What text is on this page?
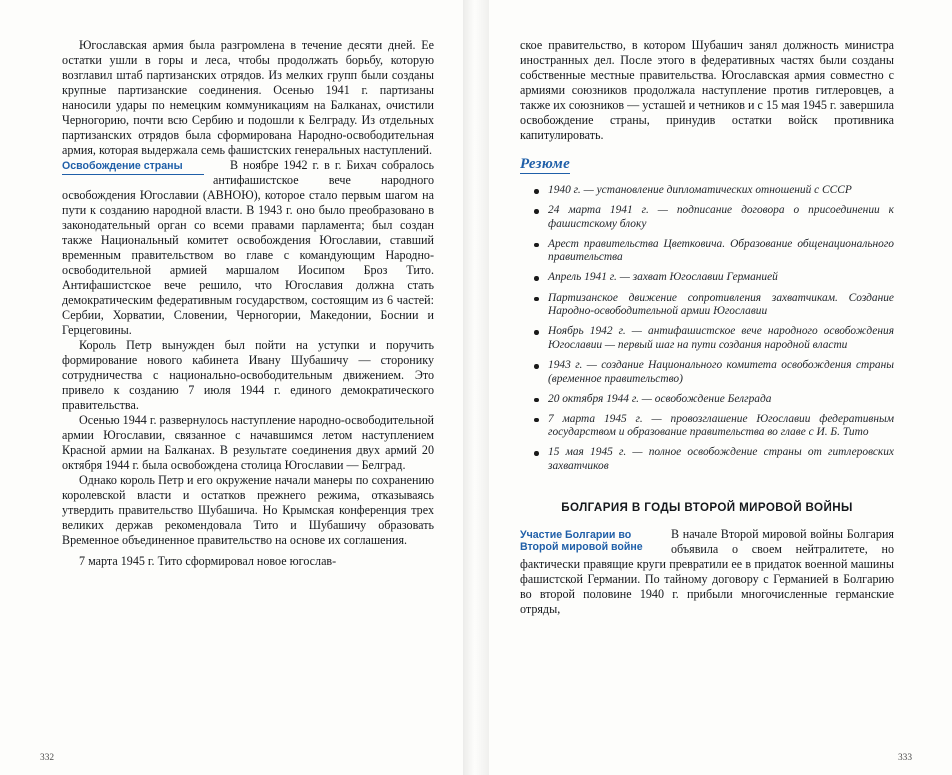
Югославская армия была разгромлена в течение десяти дней. Ее остатки ушли в горы и леса, чтобы продолжать борьбу, которую возглавил штаб партизанских отрядов. Из мелких групп были созданы крупные партизанские соединения. Осенью 1941 г. партизаны наносили удары по немецким коммуникациям на Балканах, очистили Черногорию, почти всю Сербию и подошли к Белграду. Из отдельных партизанских отрядов была сформирована Народно-освободительная армия, которая выдержала семь фашистских генеральных наступлений.

Освобождение страны	В ноябре 1942 г. в г. Бихач собралось антифашистское вече народного освобождения Югославии (АВНОЮ), которое стало первым шагом на пути к созданию народной власти. В 1943 г. оно было преобразовано в законодательный орган со всеми правами парламента; был создан также Национальный комитет освобождения Югославии, ставший временным правительством во главе с командующим Народно-освободительной армией маршалом Иосипом Броз Тито. Антифашистское вече решило, что Югославия должна стать демократическим федеративным государством, состоящим из 6 частей: Сербии, Хорватии, Словении, Черногории, Македонии, Боснии и Герцеговины.

Король Петр вынужден был пойти на уступки и поручить формирование нового кабинета Ивану Шубашичу — сторонику сотрудничества с национально-освободительным движением. Это привело к созданию 7 июля 1944 г. единого демократического правительства.

Осенью 1944 г. развернулось наступление народно-освободительной армии Югославии, связанное с начавшимся летом наступлением Красной армии на Балканах. В результате соединения двух армий 20 октября 1944 г. была освобождена столица Югославии — Белград.

Однако король Петр и его окружение начали манеры по сохранению королевской власти и остатков прежнего режима, отказываясь утвердить правительство Шубашича. Но Крымская конференция трех великих держав рекомендовала Тито и Шубашичу образовать Временное объединенное правительство на основе их соглашения.

7 марта 1945 г. Тито сформировал новое югослав-

332

ское правительство, в котором Шубашич занял должность министра иностранных дел. После этого в федеративных частях были созданы собственные местные правительства. Югославская армия совместно с армиями союзников продолжала наступление против гитлеровцев, а также их союзников — усташей и четников и с 15 мая 1945 г. завершила освобождение страны, принудив остатки войск противника капитулировать.

Резюме
1940 г. — установление дипломатических отношений с СССР
24 марта 1941 г. — подписание договора о присоединении к фашистскому блоку
Арест правительства Цветковича. Образование общенационального правительства
Апрель 1941 г. — захват Югославии Германией
Партизанское движение сопротивления захватчикам. Создание Народно-освободительной армии Югославии
Ноябрь 1942 г. — антифашистское вече народного освобождения Югославии — первый шаг на пути создания народной власти
1943 г. — создание Национального комитета освобождения страны (временное правительство)
20 октября 1944 г. — освобождение Белграда
7 марта 1945 г. — провозглашение Югославии федеративным государством и образование правительства во главе с И. Б. Тито
15 мая 1945 г. — полное освобождение страны от гитлеровских захватчиков
БОЛГАРИЯ В ГОДЫ ВТОРОЙ МИРОВОЙ ВОЙНЫ
Участие Болгарии во Второй мировой войне

В начале Второй мировой войны Болгария объявила о своем нейтралитете, но фактически правящие круги превратили ее в придаток военной машины фашистской Германии. По тайному договору с Германией в Болгарию во второй половине 1940 г. прибыли многочисленные германские отряды,

333
